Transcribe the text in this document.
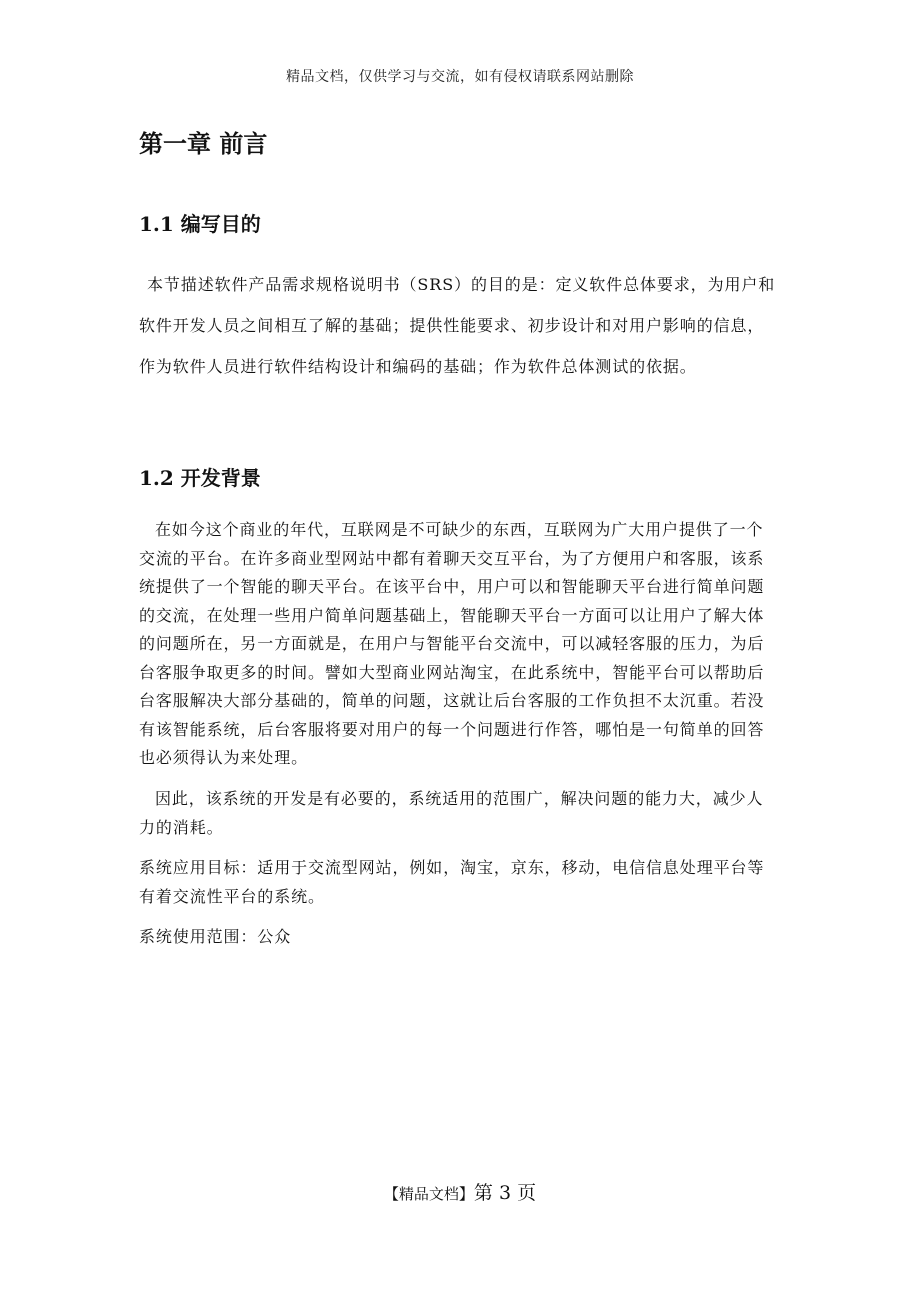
精品文档，仅供学习与交流，如有侵权请联系网站删除
第一章 前言
1.1 编写目的

本节描述软件产品需求规格说明书（SRS）的目的是：定义软件总体要求，为用户和软件开发人员之间相互了解的基础；提供性能要求、初步设计和对用户影响的信息，作为软件人员进行软件结构设计和编码的基础；作为软件总体测试的依据。

1.2 开发背景

在如今这个商业的年代，互联网是不可缺少的东西，互联网为广大用户提供了一个交流的平台。在许多商业型网站中都有着聊天交互平台，为了方便用户和客服，该系统提供了一个智能的聊天平台。在该平台中，用户可以和智能聊天平台进行简单问题的交流，在处理一些用户简单问题基础上，智能聊天平台一方面可以让用户了解大体的问题所在，另一方面就是，在用户与智能平台交流中，可以减轻客服的压力，为后台客服争取更多的时间。譬如大型商业网站淘宝，在此系统中，智能平台可以帮助后台客服解决大部分基础的，简单的问题，这就让后台客服的工作负担不太沉重。若没有该智能系统，后台客服将要对用户的每一个问题进行作答，哪怕是一句简单的回答也必须得认为来处理。

因此，该系统的开发是有必要的，系统适用的范围广，解决问题的能力大，减少人力的消耗。

系统应用目标：适用于交流型网站，例如，淘宝，京东，移动，电信信息处理平台等有着交流性平台的系统。

系统使用范围：公众

【精品文档】第 3 页
